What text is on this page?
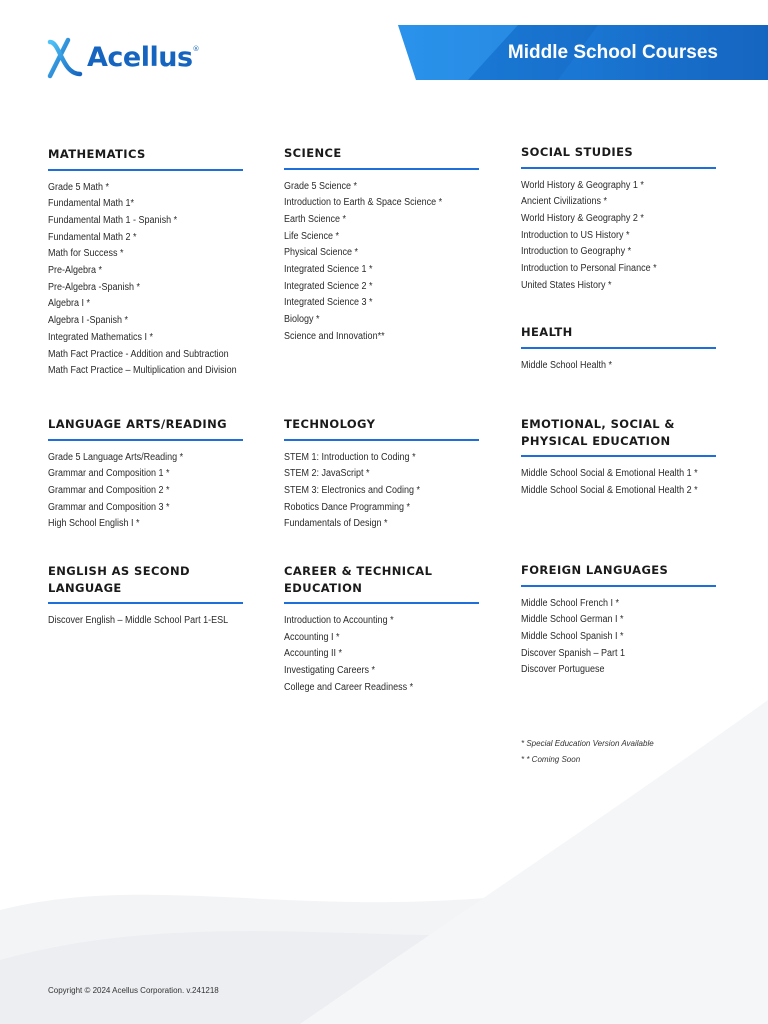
Acellus®	Middle School Courses
MATHEMATICS
Grade 5 Math *
Fundamental Math 1*
Fundamental Math 1 - Spanish *
Fundamental Math 2 *
Math for Success *
Pre-Algebra *
Pre-Algebra -Spanish *
Algebra I *
Algebra I -Spanish *
Integrated Mathematics I *
Math Fact Practice - Addition and Subtraction
Math Fact Practice – Multiplication and Division
SCIENCE
Grade 5 Science *
Introduction to Earth & Space Science *
Earth Science *
Life Science *
Physical Science *
Integrated Science 1 *
Integrated Science 2 *
Integrated Science 3 *
Biology *
Science and Innovation**
SOCIAL STUDIES
World History & Geography 1 *
Ancient Civilizations *
World History & Geography 2 *
Introduction to US History *
Introduction to Geography *
Introduction to Personal Finance *
United States History *
HEALTH
Middle School Health *
LANGUAGE ARTS/READING
Grade 5 Language Arts/Reading *
Grammar and Composition 1 *
Grammar and Composition 2 *
Grammar and Composition 3 *
High School English I *
TECHNOLOGY
STEM 1: Introduction to Coding *
STEM 2: JavaScript *
STEM 3: Electronics and Coding *
Robotics Dance Programming *
Fundamentals of Design *
EMOTIONAL, SOCIAL & PHYSICAL EDUCATION
Middle School Social & Emotional Health 1 *
Middle School Social & Emotional Health 2 *
ENGLISH AS SECOND LANGUAGE
Discover English – Middle School Part 1-ESL
CAREER & TECHNICAL EDUCATION
Introduction to Accounting *
Accounting I *
Accounting II *
Investigating Careers *
College and Career Readiness *
FOREIGN LANGUAGES
Middle School French I *
Middle School German I *
Middle School Spanish I *
Discover Spanish – Part 1
Discover Portuguese
* Special Education Version Available
* * Coming Soon
Copyright © 2024 Acellus Corporation. v.241218
